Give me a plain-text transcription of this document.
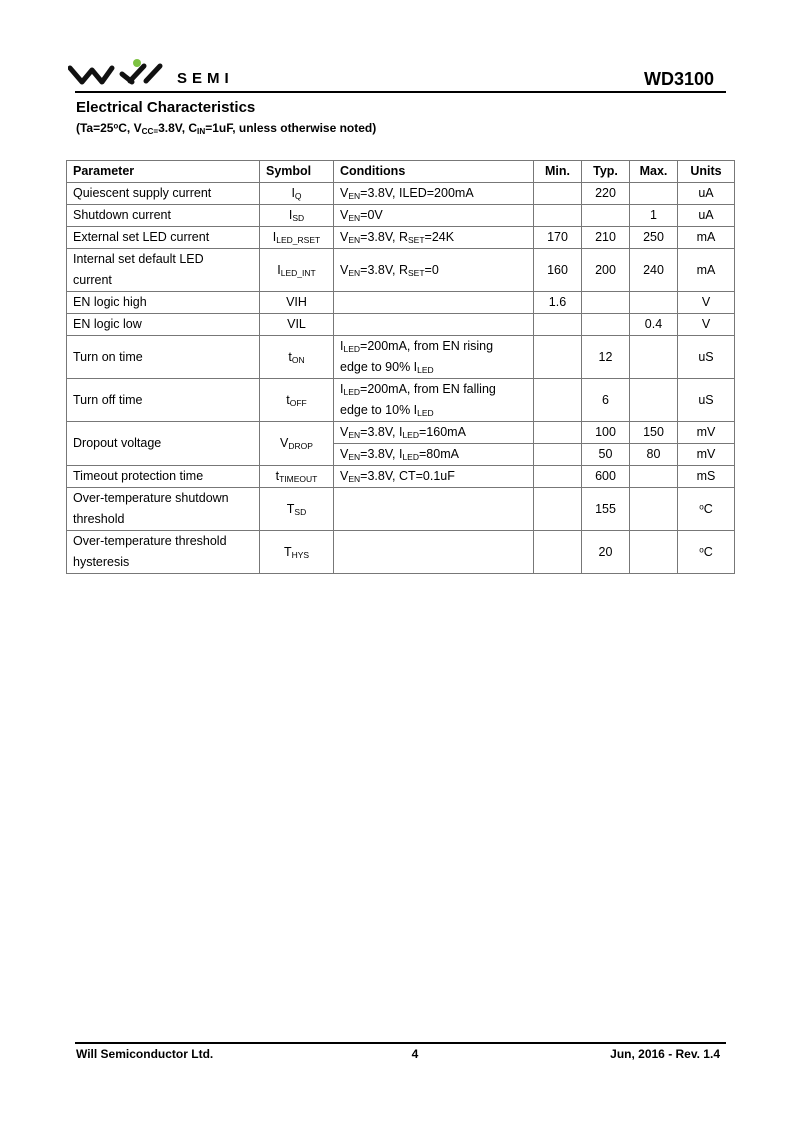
SEMI	WD3100
Electrical Characteristics
($Ta=25^oC$, $V_{CC=}3.8V$, $C_{IN}=1uF$, unless otherwise noted)
Parameter	Symbol	Conditions	Min.	Typ.	Max.	Units
Quiescent supply current	$I_Q$	$V_{EN}=3.8V$, ILED=200mA		220		uA
Shutdown current	$I_{SD}$	$V_{EN}=0V$			1	uA
External set LED current	$I_{LED\_RSET}$	$V_{EN}=3.8V$, $R_{SET}=24K$	170	210	250	mA
Internal set default LED
current	$I_{LED\_INT}$	$V_{EN}=3.8V$, $R_{SET}=0$	160	200	240	mA
EN logic high	VIH		1.6			V
EN logic low	VIL				0.4	V
Turn on time	$t_{ON}$	$I_{LED}=200mA$, from EN rising
edge to 90% $I_{LED}$		12		uS
Turn off time	$t_{OFF}$	$I_{LED}=200mA$, from EN falling
edge to 10% $I_{LED}$		6		uS
Dropout voltage	$V_{DROP}$	$V_{EN}=3.8V$, $I_{LED}=160mA$		100	150	mV
		$V_{EN}=3.8V$, $I_{LED}=80mA$		50	80	mV
Timeout protection time	$t_{TIMEOUT}$	$V_{EN}=3.8V$, CT=0.1uF		600		mS
Over-temperature shutdown
threshold	$T_{SD}$			155		$^o$C
Over-temperature threshold
hysteresis	$T_{HYS}$			20		$^o$C
Will Semiconductor Ltd.	4	Jun, 2016 - Rev. 1.4
